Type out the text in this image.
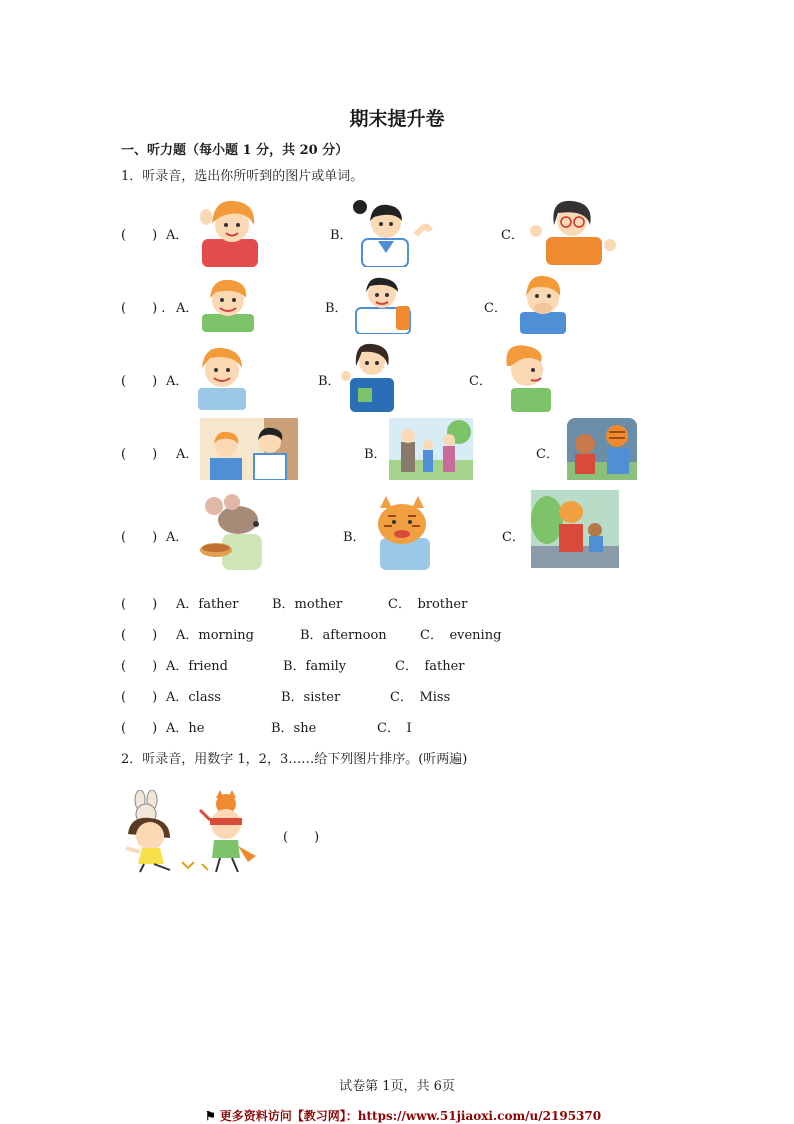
期末提升卷
一、听力题（每小题 1 分，共 20 分）
1．听录音，选出你所听到的图片或单词。
(　　) A．	B．	C．
(　　) . A．	B．	C．
(　　) A．	B．	C．
(　　) A．	B．	C．
(　　) A．	B．	C．
(　　) A．father	B．mother	C．　brother
(　　) A．morning	B．afternoon	C．　evening
(　　) A．friend	B．family	C．　father
(　　) A．class	B．sister	C．　Miss
(　　) A．he	B．she	C．　I
2．听录音，用数字 1，2，3……给下列图片排序。(听两遍)
(　　)
试卷第 1页，共 6页
⚑ 更多资料访问【教习网】：https://www.51jiaoxi.com/u/2195370
